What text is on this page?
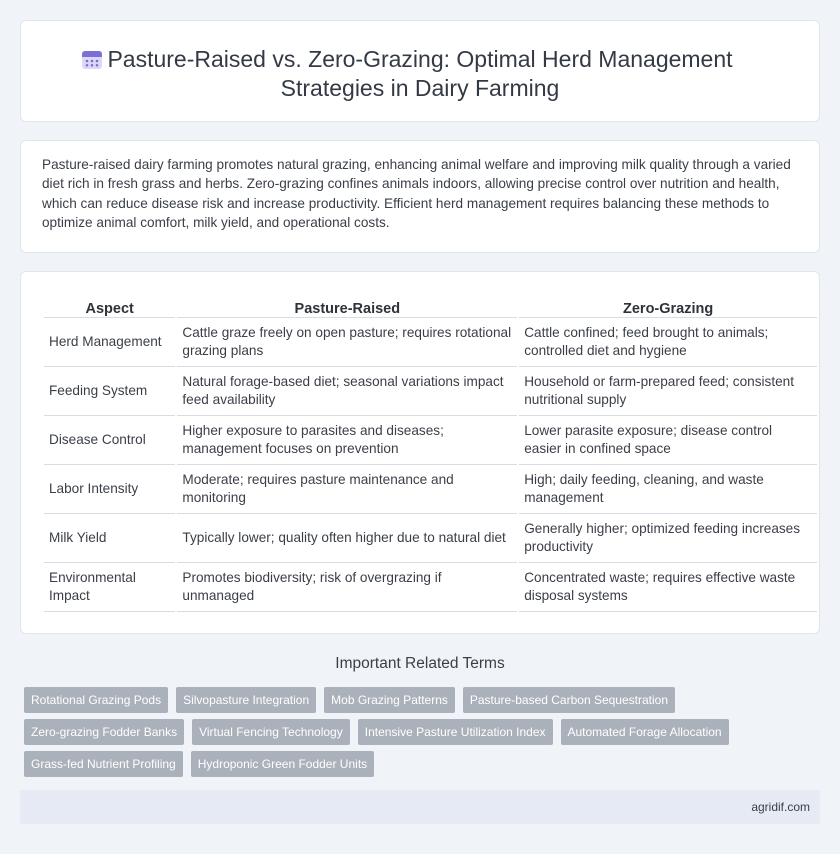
Pasture-Raised vs. Zero-Grazing: Optimal Herd Management Strategies in Dairy Farming

Pasture-raised dairy farming promotes natural grazing, enhancing animal welfare and improving milk quality through a varied diet rich in fresh grass and herbs. Zero-grazing confines animals indoors, allowing precise control over nutrition and health, which can reduce disease risk and increase productivity. Efficient herd management requires balancing these methods to optimize animal comfort, milk yield, and operational costs.

Aspect	Pasture-Raised	Zero-Grazing
Herd Management	Cattle graze freely on open pasture; requires rotational grazing plans	Cattle confined; feed brought to animals; controlled diet and hygiene
Feeding System	Natural forage-based diet; seasonal variations impact feed availability	Household or farm-prepared feed; consistent nutritional supply
Disease Control	Higher exposure to parasites and diseases; management focuses on prevention	Lower parasite exposure; disease control easier in confined space
Labor Intensity	Moderate; requires pasture maintenance and monitoring	High; daily feeding, cleaning, and waste management
Milk Yield	Typically lower; quality often higher due to natural diet	Generally higher; optimized feeding increases productivity
Environmental Impact	Promotes biodiversity; risk of overgrazing if unmanaged	Concentrated waste; requires effective waste disposal systems
Important Related Terms
Rotational Grazing Pods	Silvopasture Integration	Mob Grazing Patterns	Pasture-based Carbon Sequestration
Zero-grazing Fodder Banks	Virtual Fencing Technology	Intensive Pasture Utilization Index	Automated Forage Allocation
Grass-fed Nutrient Profiling	Hydroponic Green Fodder Units
agridif.com
